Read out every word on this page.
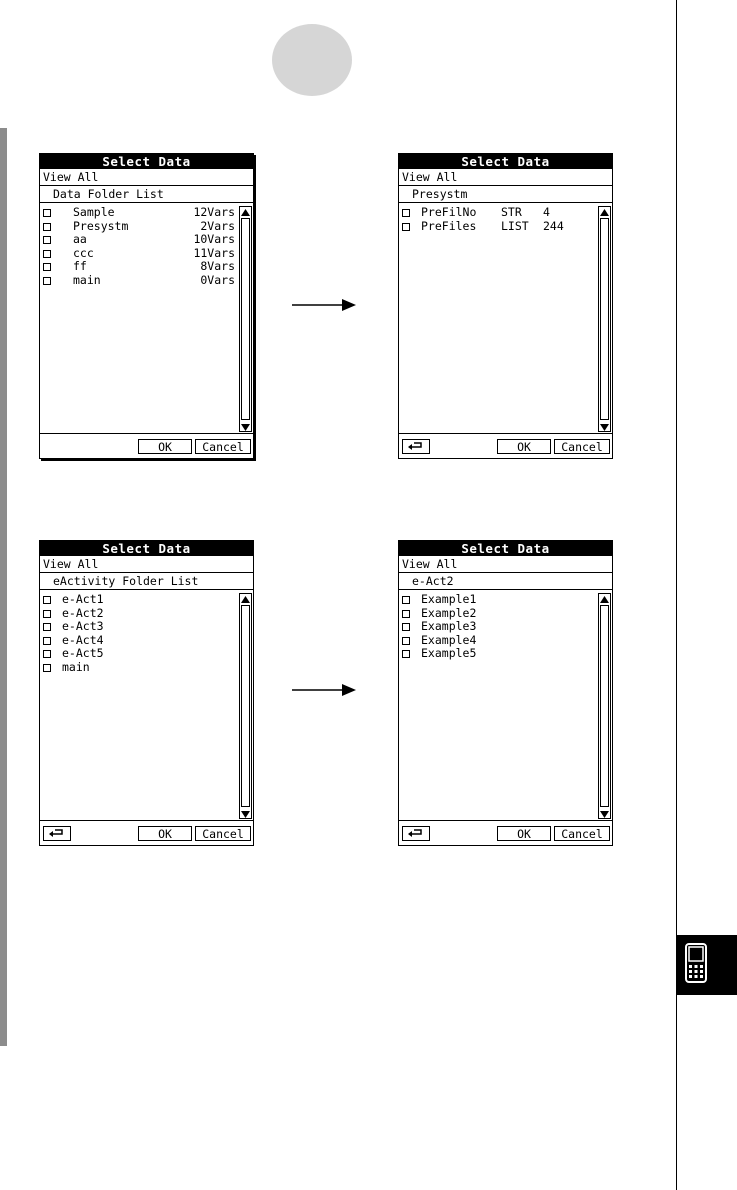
Select Data
View All
Data Folder List
Sample	12Vars
Presystm	2Vars
aa	10Vars
ccc	11Vars
ff	8Vars
main	0Vars
OK	Cancel
Select Data
View All
Presystm
PreFilNo STR 4
PreFiles LIST 244
OK	Cancel
Select Data
View All
eActivity Folder List
e-Act1
e-Act2
e-Act3
e-Act4
e-Act5
main
OK	Cancel
Select Data
View All
e-Act2
Example1
Example2
Example3
Example4
Example5
OK	Cancel
